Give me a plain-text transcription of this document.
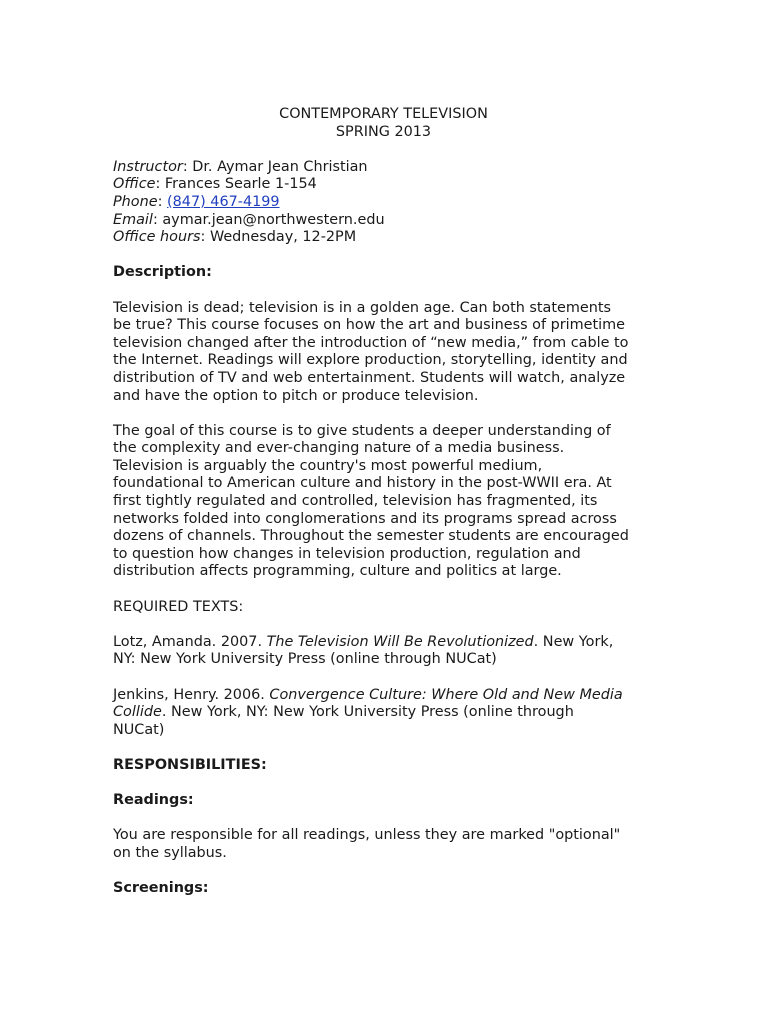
CONTEMPORARY TELEVISION
SPRING 2013
Instructor: Dr. Aymar Jean Christian
Office: Frances Searle 1-154
Phone: (847) 467-4199
Email: aymar.jean@northwestern.edu
Office hours: Wednesday, 12-2PM
Description:
Television is dead; television is in a golden age. Can both statements
be true? This course focuses on how the art and business of primetime
television changed after the introduction of “new media,” from cable to
the Internet. Readings will explore production, storytelling, identity and
distribution of TV and web entertainment. Students will watch, analyze
and have the option to pitch or produce television.
The goal of this course is to give students a deeper understanding of
the complexity and ever-changing nature of a media business.
Television is arguably the country's most powerful medium,
foundational to American culture and history in the post-WWII era. At
first tightly regulated and controlled, television has fragmented, its
networks folded into conglomerations and its programs spread across
dozens of channels. Throughout the semester students are encouraged
to question how changes in television production, regulation and
distribution affects programming, culture and politics at large.
REQUIRED TEXTS:
Lotz, Amanda. 2007. The Television Will Be Revolutionized. New York,
NY: New York University Press (online through NUCat)
Jenkins, Henry. 2006. Convergence Culture: Where Old and New Media
Collide. New York, NY: New York University Press (online through
NUCat)
RESPONSIBILITIES:
Readings:
You are responsible for all readings, unless they are marked "optional"
on the syllabus.
Screenings:
